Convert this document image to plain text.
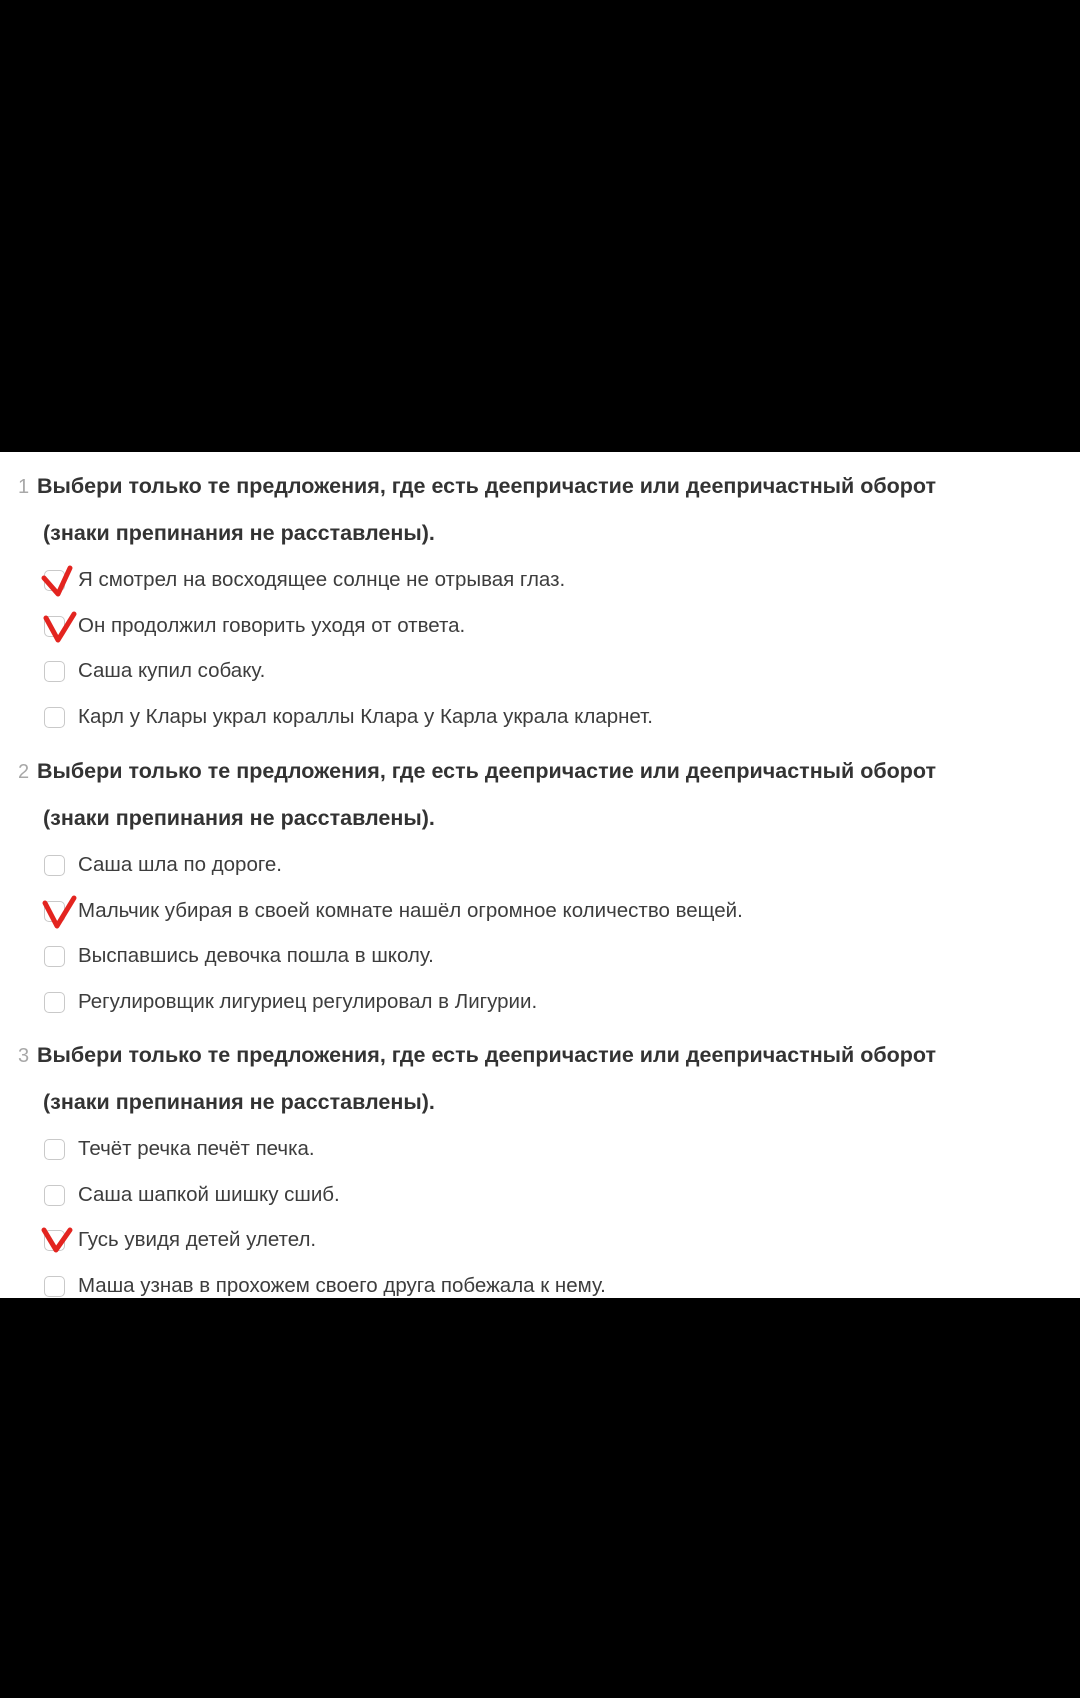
1 Выбери только те предложения, где есть деепричастие или деепричастный оборот
(знаки препинания не расставлены).
Я смотрел на восходящее солнце не отрывая глаз.
Он продолжил говорить уходя от ответа.
Саша купил собаку.
Карл у Клары украл кораллы Клара у Карла украла кларнет.
2 Выбери только те предложения, где есть деепричастие или деепричастный оборот
(знаки препинания не расставлены).
Саша шла по дороге.
Мальчик убирая в своей комнате нашёл огромное количество вещей.
Выспавшись девочка пошла в школу.
Регулировщик лигуриец регулировал в Лигурии.
3 Выбери только те предложения, где есть деепричастие или деепричастный оборот
(знаки препинания не расставлены).
Течёт речка печёт печка.
Саша шапкой шишку сшиб.
Гусь увидя детей улетел.
Маша узнав в прохожем своего друга побежала к нему.
